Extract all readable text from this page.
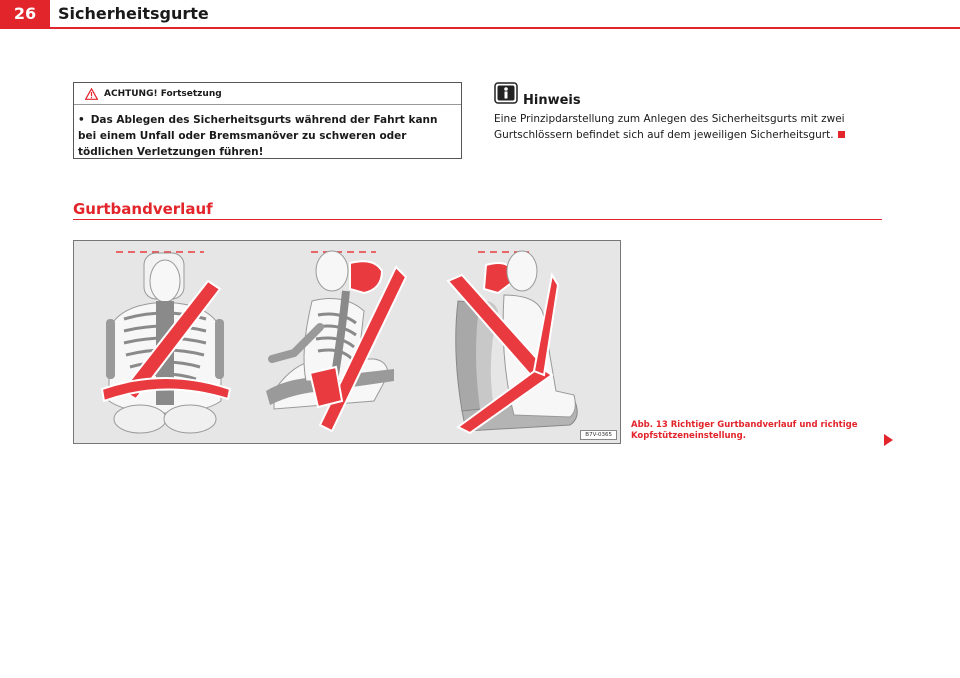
26	Sicherheitsgurte
ACHTUNG! Fortsetzung
• Das Ablegen des Sicherheitsgurts während der Fahrt kann bei einem Unfall oder Bremsmanöver zu schweren oder tödlichen Verletzungen führen!
Hinweis
Eine Prinzipdarstellung zum Anlegen des Sicherheitsgurts mit zwei Gurtschlössern befindet sich auf dem jeweiligen Sicherheitsgurt.
Gurtbandverlauf
B7V-0365
Abb. 13 Richtiger Gurtbandverlauf und richtige Kopfstützeneinstellung.
